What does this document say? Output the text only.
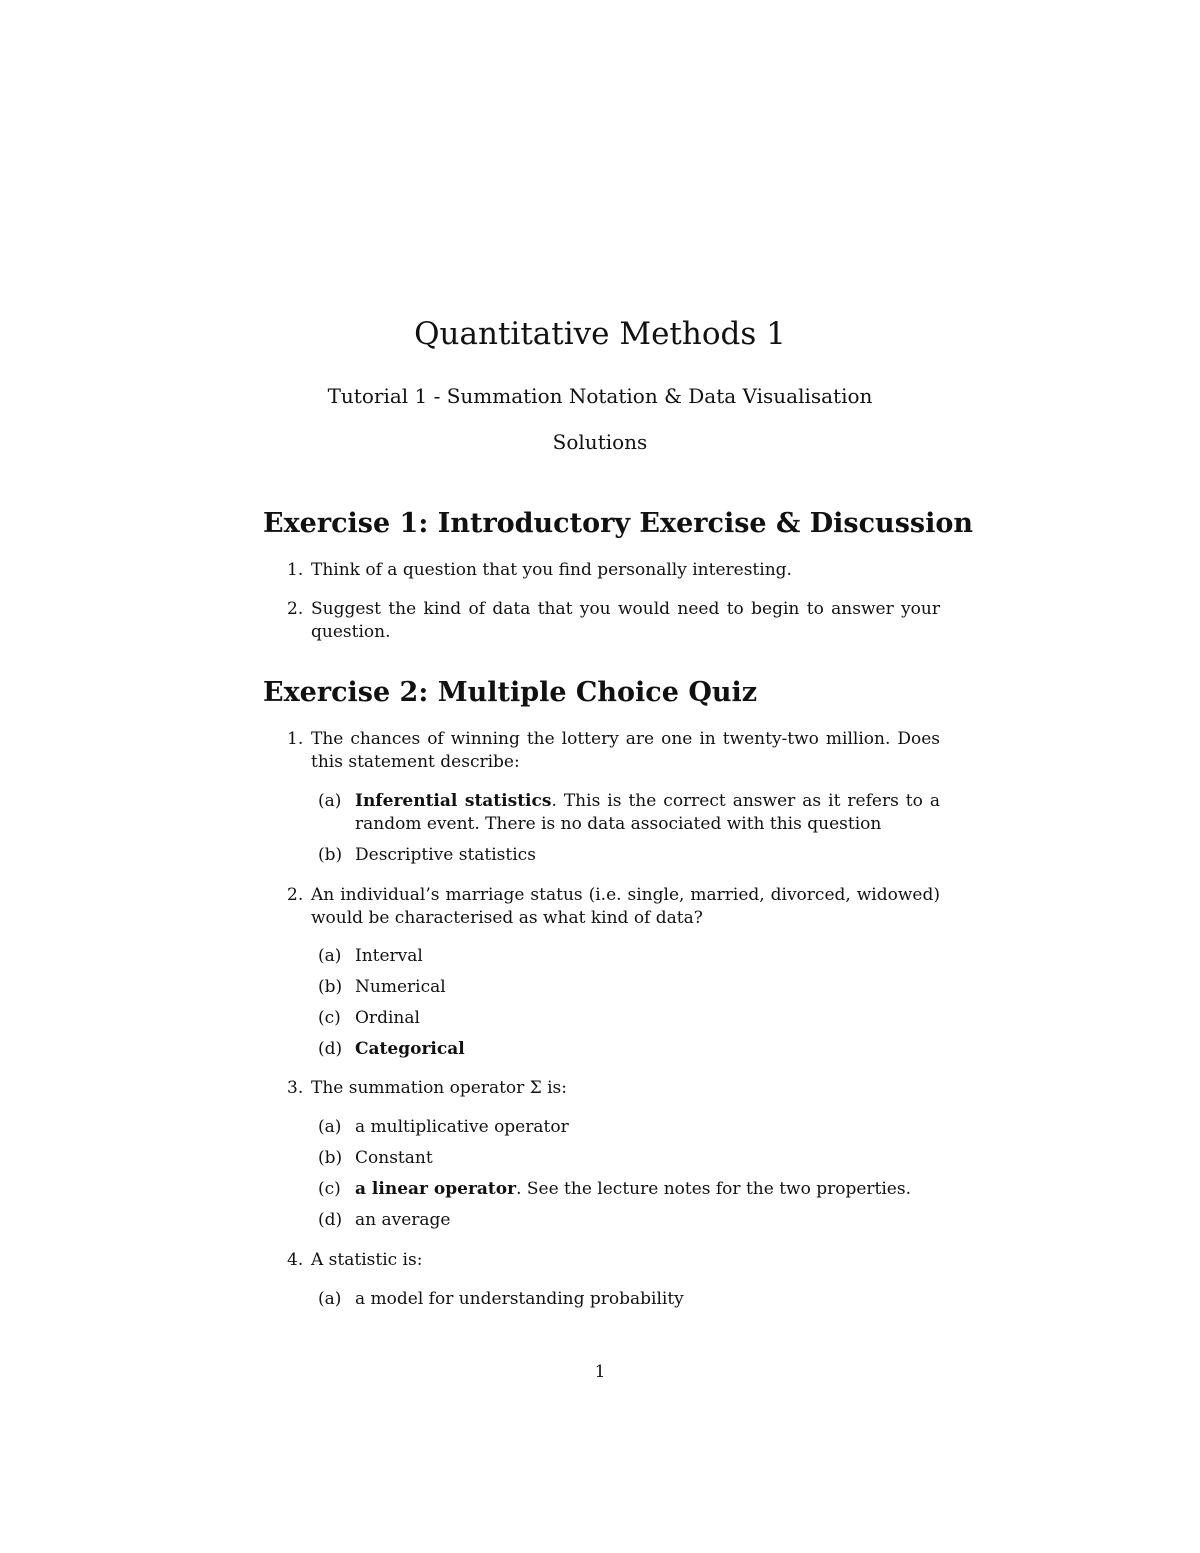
Quantitative Methods 1
Tutorial 1 - Summation Notation & Data Visualisation
Solutions
Exercise 1: Introductory Exercise & Discussion
1. Think of a question that you find personally interesting.
2. Suggest the kind of data that you would need to begin to answer your question.
Exercise 2: Multiple Choice Quiz
1. The chances of winning the lottery are one in twenty-two million. Does this statement describe:
(a) Inferential statistics. This is the correct answer as it refers to a random event. There is no data associated with this question
(b) Descriptive statistics
2. An individual’s marriage status (i.e. single, married, divorced, widowed) would be characterised as what kind of data?
(a) Interval
(b) Numerical
(c) Ordinal
(d) Categorical
3. The summation operator Σ is:
(a) a multiplicative operator
(b) Constant
(c) a linear operator. See the lecture notes for the two properties.
(d) an average
4. A statistic is:
(a) a model for understanding probability
1
